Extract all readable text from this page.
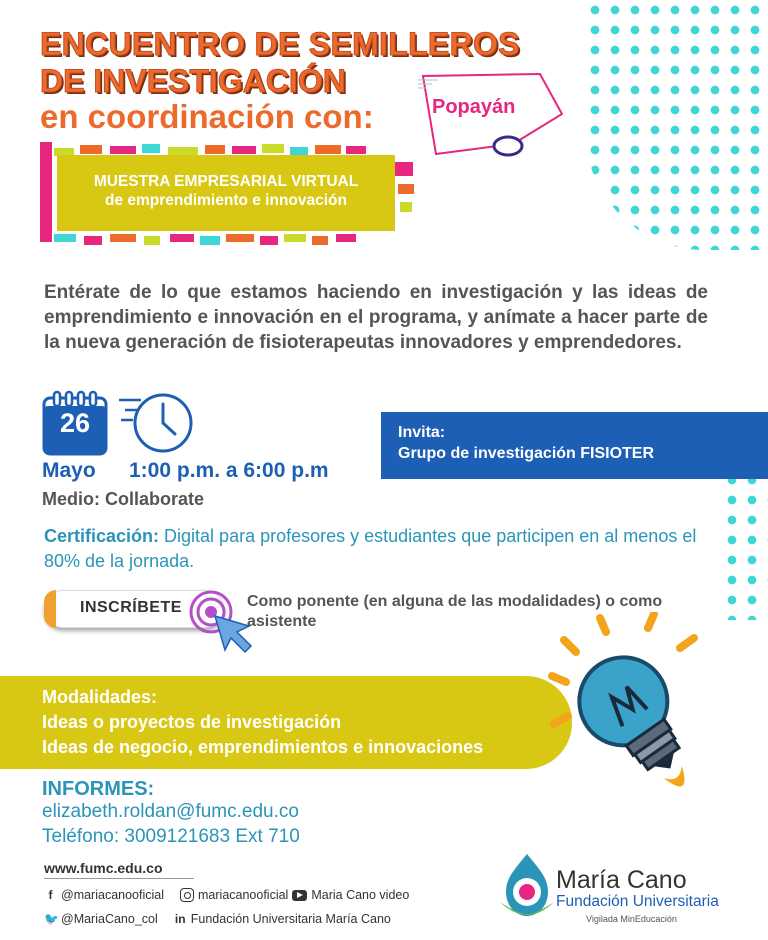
ENCUENTRO DE SEMILLEROS
DE INVESTIGACIÓN
en coordinación con:	Popayán
MUESTRA EMPRESARIAL VIRTUAL
de emprendimiento e innovación
Entérate de lo que estamos haciendo en investigación y las ideas de emprendimiento e innovación en el programa, y anímate a hacer parte de la nueva generación de fisioterapeutas innovadores y emprendedores.
26
Mayo 1:00 p.m. a 6:00 p.m
Medio: Collaborate
Invita:
Grupo de investigación FISIOTER
Certificación: Digital para profesores y estudiantes que participen en al menos el 80% de la jornada.
INSCRÍBETE	Como ponente (en alguna de las modalidades) o como asistente
Modalidades:
Ideas o proyectos de investigación
Ideas de negocio, emprendimientos e innovaciones
INFORMES:
elizabeth.roldan@fumc.edu.co
Teléfono: 3009121683 Ext 710
www.fumc.edu.co
f @mariacanooficial	mariacanooficial Maria Cano video
🐦 @MariaCano_col in Fundación Universitaria María Cano
María Cano
Fundación Universitaria
Vigilada MinEducación
